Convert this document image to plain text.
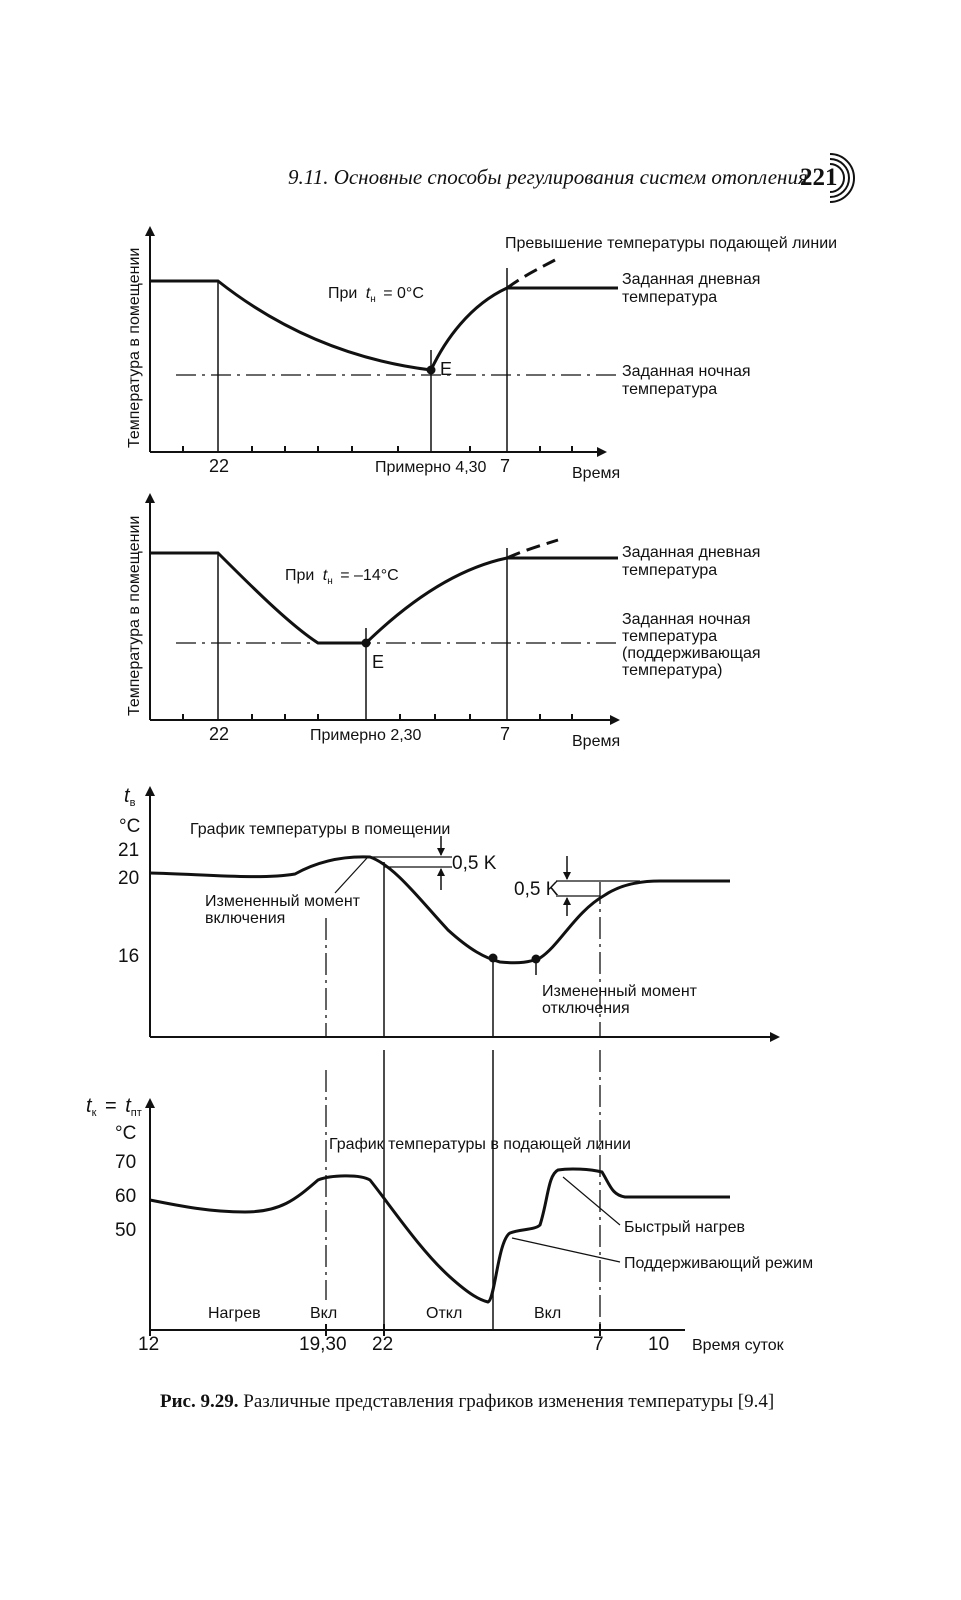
9.11. Основные способы регулирования систем отопления
221
Температура в помещении	При $t_н = 0^\circ C$
Превышение температуры подающей линии
Заданная дневная
температура
Заданная ночная
температура
E
22	Примерно 4,30 7	Время
Температура в помещении	При $t_н = -14^\circ C$
Заданная дневная
температура
Заданная ночная
температура
(поддерживающая
температура)
E
22	Примерно 2,30	7	Время
$t_в$
°C
21
20
16
График температуры в помещении
0,5 K
0,5 K
Измененный момент
включения
Измененный момент
отключения
$t_к = t_{пт}$
°C
70
60
50
График температуры в подающей линии
Быстрый нагрев
Поддерживающий режим
Нагрев	Вкл	Откл	Вкл
12	19,30 22	7 10 Время суток
Рис. 9.29. Различные представления графиков изменения температуры [9.4]
